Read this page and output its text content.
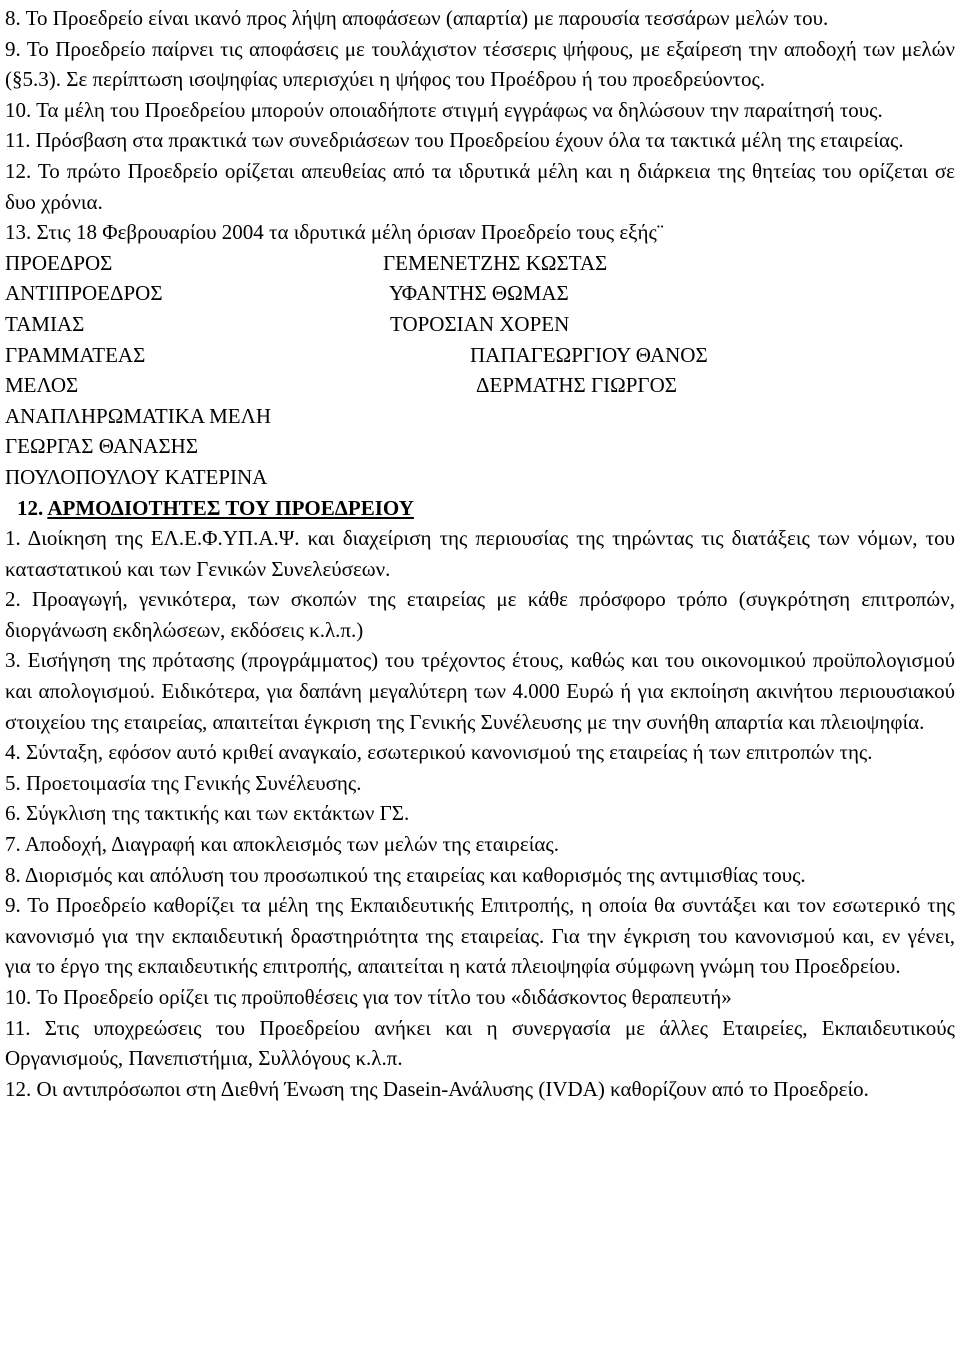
8. Το Προεδρείο είναι ικανό προς λήψη αποφάσεων (απαρτία) με παρουσία τεσσάρων μελών του.

9. Το Προεδρείο παίρνει τις αποφάσεις με τουλάχιστον τέσσερις ψήφους, με εξαίρεση την αποδοχή των μελών (§5.3). Σε περίπτωση ισοψηφίας υπερισχύει η ψήφος του Προέδρου ή του προεδρεύοντος.

10. Τα μέλη του Προεδρείου μπορούν οποιαδήποτε στιγμή εγγράφως να δηλώσουν την παραίτησή τους.

11. Πρόσβαση στα πρακτικά των συνεδριάσεων του Προεδρείου έχουν όλα τα τακτικά μέλη της εταιρείας.

12. Το πρώτο Προεδρείο ορίζεται απευθείας από τα ιδρυτικά μέλη και η διάρκεια της θητείας του ορίζεται σε δυο χρόνια.

13. Στις 18 Φεβρουαρίου 2004 τα ιδρυτικά μέλη όρισαν Προεδρείο τους εξής¨

ΠΡΟΕΔΡΟΣ	ΓΕΜΕΝΕΤΖΗΣ ΚΩΣΤΑΣ
ΑΝΤΙΠΡΟΕΔΡΟΣ	ΥΦΑΝΤΗΣ ΘΩΜΑΣ
ΤΑΜΙΑΣ	ΤΟΡΟΣΙΑΝ ΧΟΡΕΝ
ΓΡΑΜΜΑΤΕΑΣ	ΠΑΠΑΓΕΩΡΓΙΟΥ ΘΑΝΟΣ
ΜΕΛΟΣ	ΔΕΡΜΑΤΗΣ ΓΙΩΡΓΟΣ
ΑΝΑΠΛΗΡΩΜΑΤΙΚΑ ΜΕΛΗ
ΓΕΩΡΓΑΣ ΘΑΝΑΣΗΣ
ΠΟΥΛΟΠΟΥΛΟΥ ΚΑΤΕΡΙΝΑ
12. ΑΡΜΟΔΙΟΤΗΤΕΣ ΤΟΥ ΠΡΟΕΔΡΕΙΟΥ

1. Διοίκηση της ΕΛ.Ε.Φ.ΥΠ.Α.Ψ. και διαχείριση της περιουσίας της τηρώντας τις διατάξεις των νόμων, του καταστατικού και των Γενικών Συνελεύσεων.

2. Προαγωγή, γενικότερα, των σκοπών της εταιρείας με κάθε πρόσφορο τρόπο (συγκρότηση επιτροπών, διοργάνωση εκδηλώσεων, εκδόσεις κ.λ.π.)

3. Εισήγηση της πρότασης (προγράμματος) του τρέχοντος έτους, καθώς και του οικονομικού προϋπολογισμού και απολογισμού. Ειδικότερα, για δαπάνη μεγαλύτερη των 4.000 Ευρώ ή για εκποίηση ακινήτου περιουσιακού στοιχείου της εταιρείας, απαιτείται έγκριση της Γενικής Συνέλευσης με την συνήθη απαρτία και πλειοψηφία.

4. Σύνταξη, εφόσον αυτό κριθεί αναγκαίο, εσωτερικού κανονισμού της εταιρείας ή των επιτροπών της.

5. Προετοιμασία της Γενικής Συνέλευσης.

6. Σύγκλιση της τακτικής και των εκτάκτων ΓΣ.

7. Αποδοχή, Διαγραφή και αποκλεισμός των μελών της εταιρείας.

8. Διορισμός και απόλυση του προσωπικού της εταιρείας και καθορισμός της αντιμισθίας τους.

9. Το Προεδρείο καθορίζει τα μέλη της Εκπαιδευτικής Επιτροπής, η οποία θα συντάξει και τον εσωτερικό της κανονισμό για την εκπαιδευτική δραστηριότητα της εταιρείας. Για την έγκριση του κανονισμού και, εν γένει, για το έργο της εκπαιδευτικής επιτροπής, απαιτείται η κατά πλειοψηφία σύμφωνη γνώμη του Προεδρείου.

10. Το Προεδρείο ορίζει τις προϋποθέσεις για τον τίτλο του «διδάσκοντος θεραπευτή»

11. Στις υποχρεώσεις του Προεδρείου ανήκει και η συνεργασία με άλλες Εταιρείες, Εκπαιδευτικούς Οργανισμούς, Πανεπιστήμια, Συλλόγους κ.λ.π.

12. Οι αντιπρόσωποι στη Διεθνή Ένωση της Dasein-Ανάλυσης (IVDA) καθορίζουν από το Προεδρείο.
